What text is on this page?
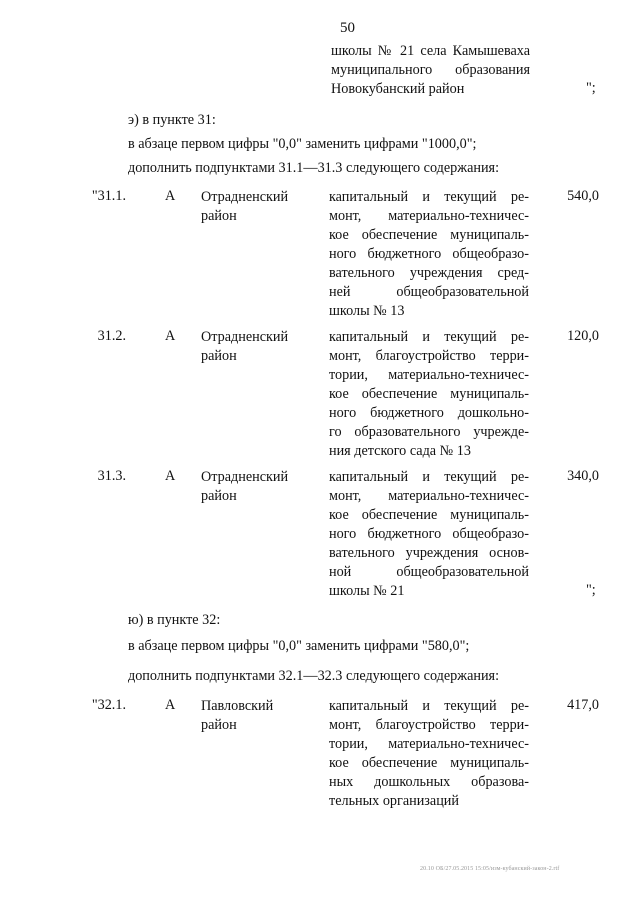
50
школы № 21 села Камышеваха
муниципального образования
Новокубанский район	";
э) в пункте 31:
в абзаце первом цифры "0,0" заменить цифрами "1000,0";
дополнить подпунктами 31.1—31.3 следующего содержания:
"31.1.	А Отрадненский
район
капитальный и текущий ре-
монт, материально-техничес-
кое обеспечение муниципаль-
ного бюджетного общеобразо-
вательного учреждения сред-
ней общеобразовательной
школы № 13
540,0
31.2.	А Отрадненский
район
капитальный и текущий ре-
монт, благоустройство терри-
тории, материально-техничес-
кое обеспечение муниципаль-
ного бюджетного дошкольно-
го образовательного учрежде-
ния детского сада № 13
120,0
31.3.	А Отрадненский
район
капитальный и текущий ре-
монт, материально-техничес-
кое обеспечение муниципаль-
ного бюджетного общеобразо-
вательного учреждения основ-
ной общеобразовательной
школы № 21
340,0
";
ю) в пункте 32:
в абзаце первом цифры "0,0" заменить цифрами "580,0";
дополнить подпунктами 32.1—32.3 следующего содержания:
"32.1.	А Павловский
район
капитальный и текущий ре-
монт, благоустройство терри-
тории, материально-техничес-
кое обеспечение муниципаль-
ных дошкольных образова-
тельных организаций
417,0
20.10 ОБ/27.05.2015 15:05/изм-кубанский-закон-2.rtf
